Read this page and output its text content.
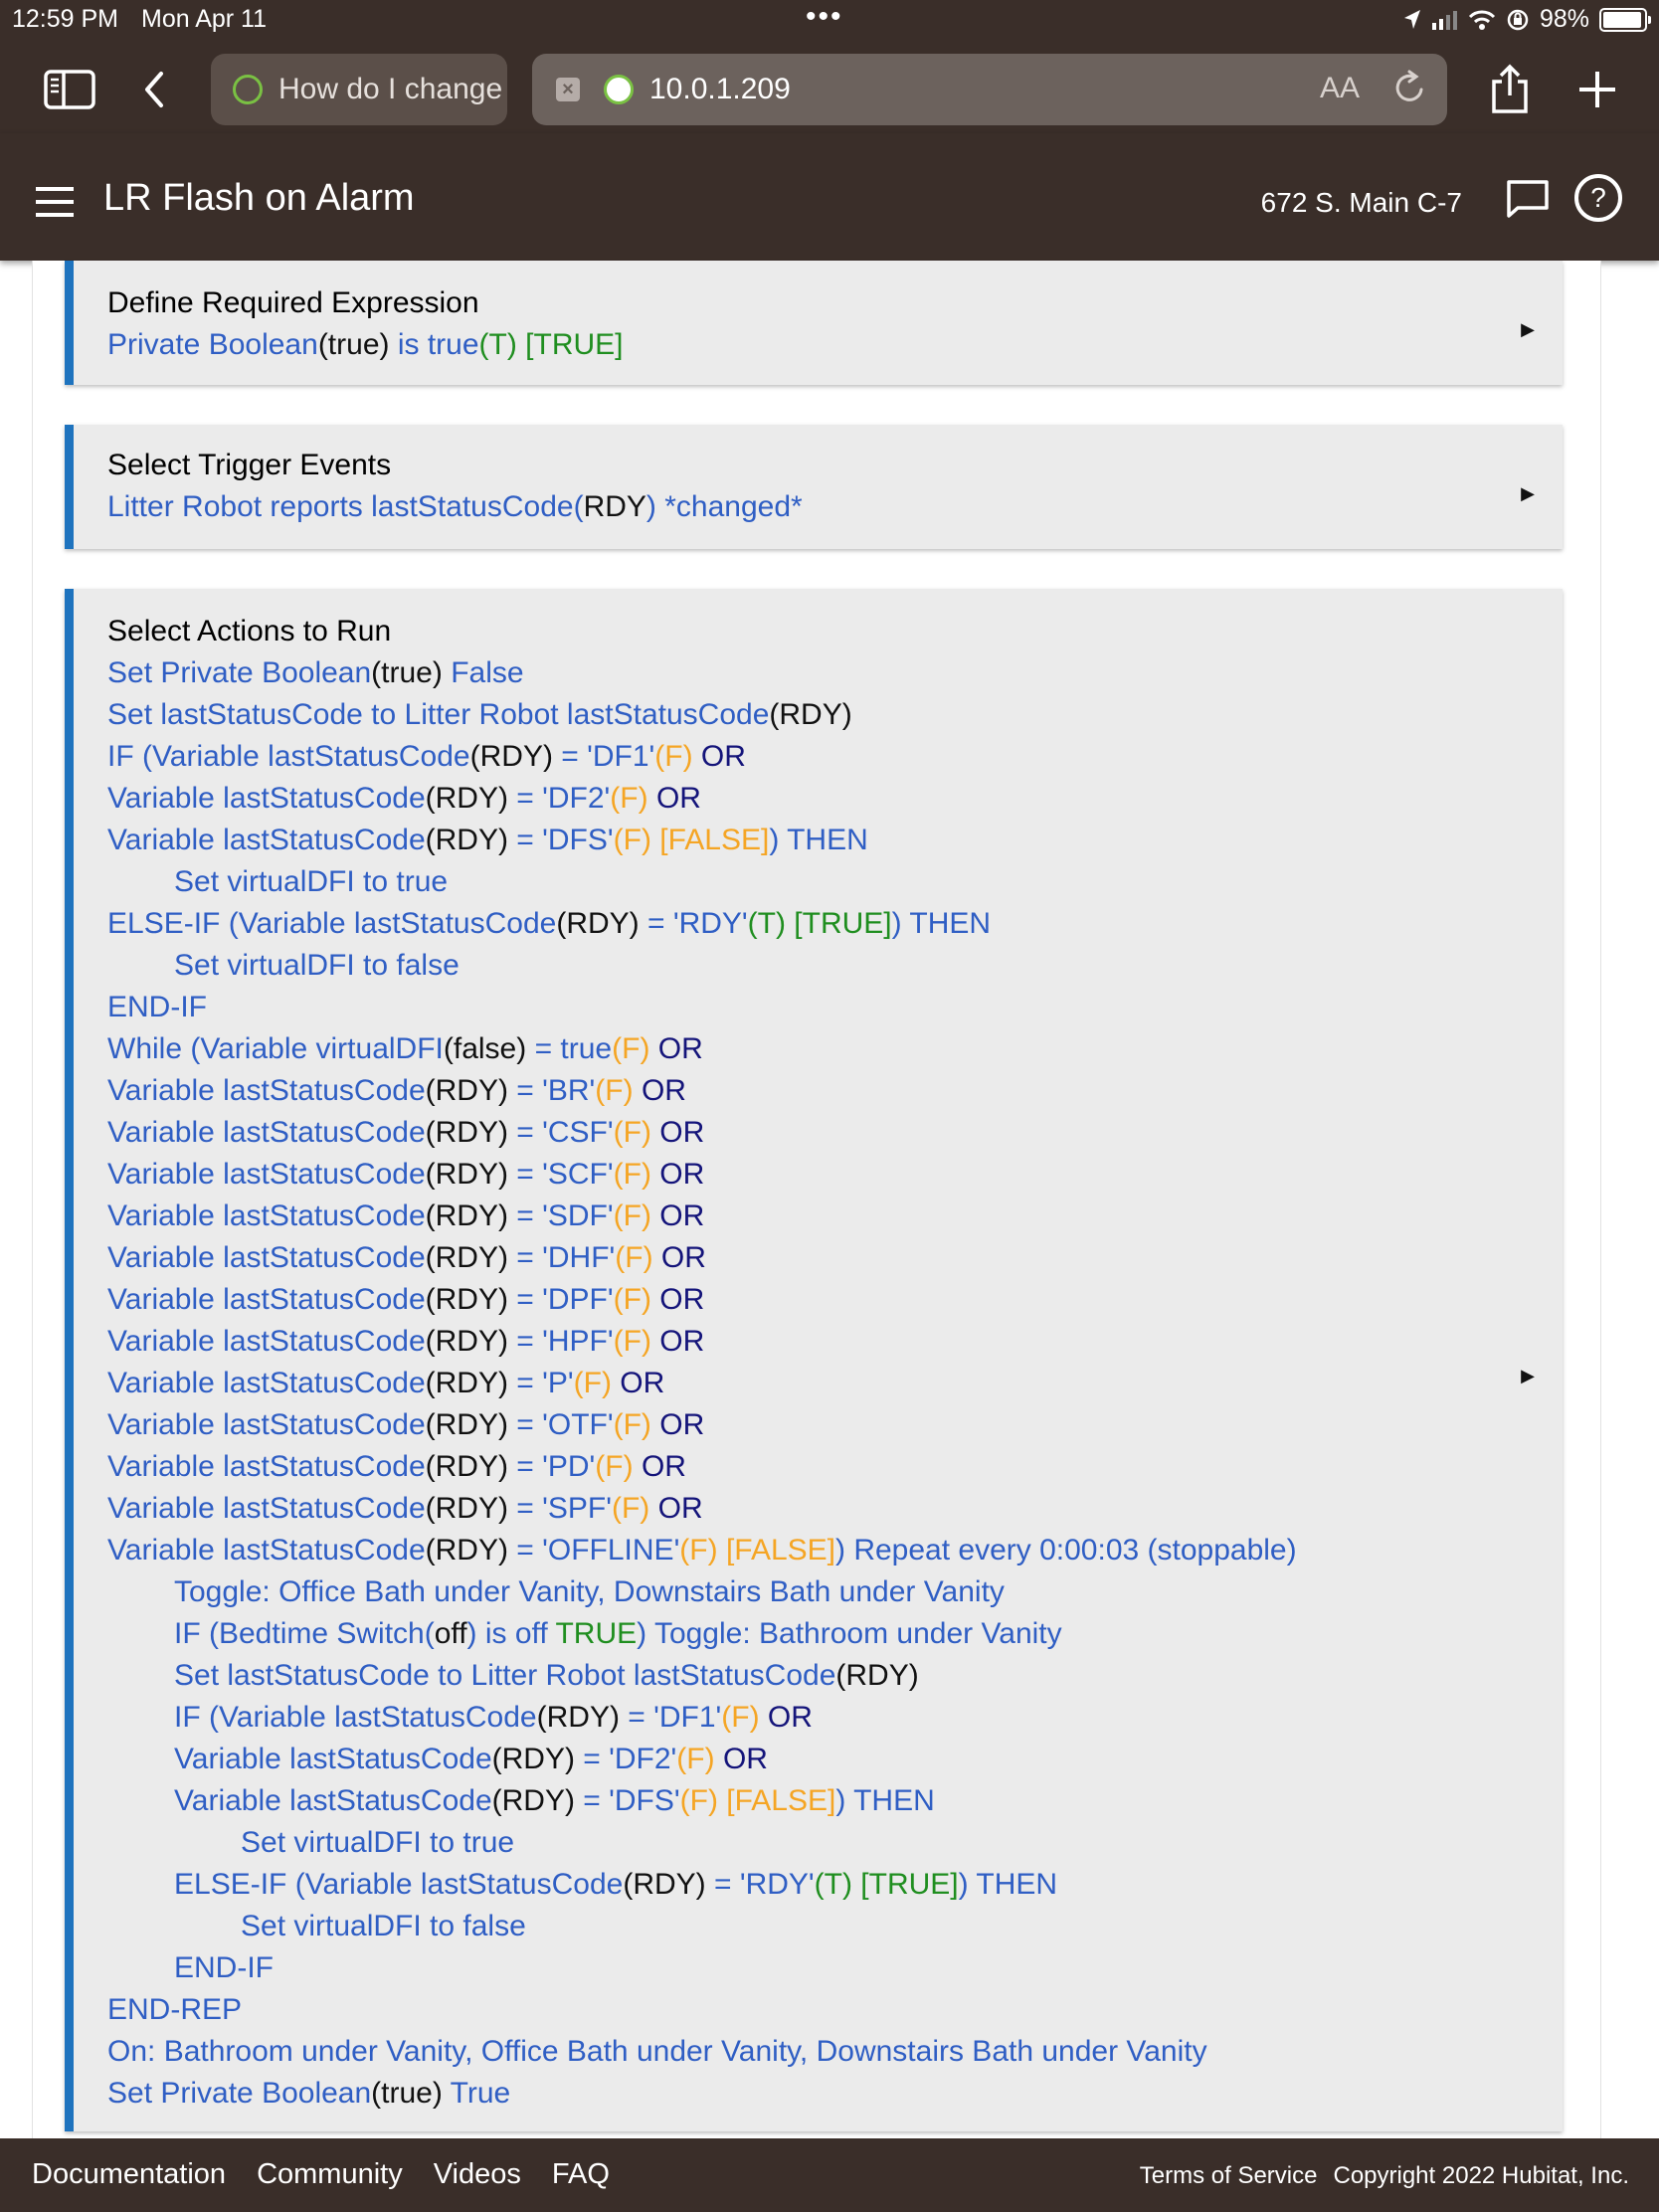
12:59 PM Mon Apr 11	•••	98%
How do I change	×	10.0.1.209	AA
LR Flash on Alarm	672 S. Main C-7	?
Define Required Expression
Private Boolean(true) is true(T) [TRUE]	▶
Select Trigger Events
Litter Robot reports lastStatusCode(RDY) *changed*	▶
Select Actions to Run
Set Private Boolean(true) False
Set lastStatusCode to Litter Robot lastStatusCode(RDY)
IF (Variable lastStatusCode(RDY) = 'DF1'(F) OR
Variable lastStatusCode(RDY) = 'DF2'(F) OR
Variable lastStatusCode(RDY) = 'DFS'(F) [FALSE]) THEN
Set virtualDFI to true
ELSE-IF (Variable lastStatusCode(RDY) = 'RDY'(T) [TRUE]) THEN
Set virtualDFI to false
END-IF
While (Variable virtualDFI(false) = true(F) OR
Variable lastStatusCode(RDY) = 'BR'(F) OR
Variable lastStatusCode(RDY) = 'CSF'(F) OR
Variable lastStatusCode(RDY) = 'SCF'(F) OR
Variable lastStatusCode(RDY) = 'SDF'(F) OR
Variable lastStatusCode(RDY) = 'DHF'(F) OR
Variable lastStatusCode(RDY) = 'DPF'(F) OR
Variable lastStatusCode(RDY) = 'HPF'(F) OR
Variable lastStatusCode(RDY) = 'P'(F) OR
Variable lastStatusCode(RDY) = 'OTF'(F) OR
Variable lastStatusCode(RDY) = 'PD'(F) OR
Variable lastStatusCode(RDY) = 'SPF'(F) OR
Variable lastStatusCode(RDY) = 'OFFLINE'(F) [FALSE]) Repeat every 0:00:03 (stoppable)
Toggle: Office Bath under Vanity, Downstairs Bath under Vanity
IF (Bedtime Switch(off) is off TRUE) Toggle: Bathroom under Vanity
Set lastStatusCode to Litter Robot lastStatusCode(RDY)
IF (Variable lastStatusCode(RDY) = 'DF1'(F) OR
Variable lastStatusCode(RDY) = 'DF2'(F) OR
Variable lastStatusCode(RDY) = 'DFS'(F) [FALSE]) THEN
Set virtualDFI to true
ELSE-IF (Variable lastStatusCode(RDY) = 'RDY'(T) [TRUE]) THEN
Set virtualDFI to false
END-IF
END-REP
On: Bathroom under Vanity, Office Bath under Vanity, Downstairs Bath under Vanity
Set Private Boolean(true) True
▶
Documentation Community Videos FAQ	Terms of Service Copyright 2022 Hubitat, Inc.
